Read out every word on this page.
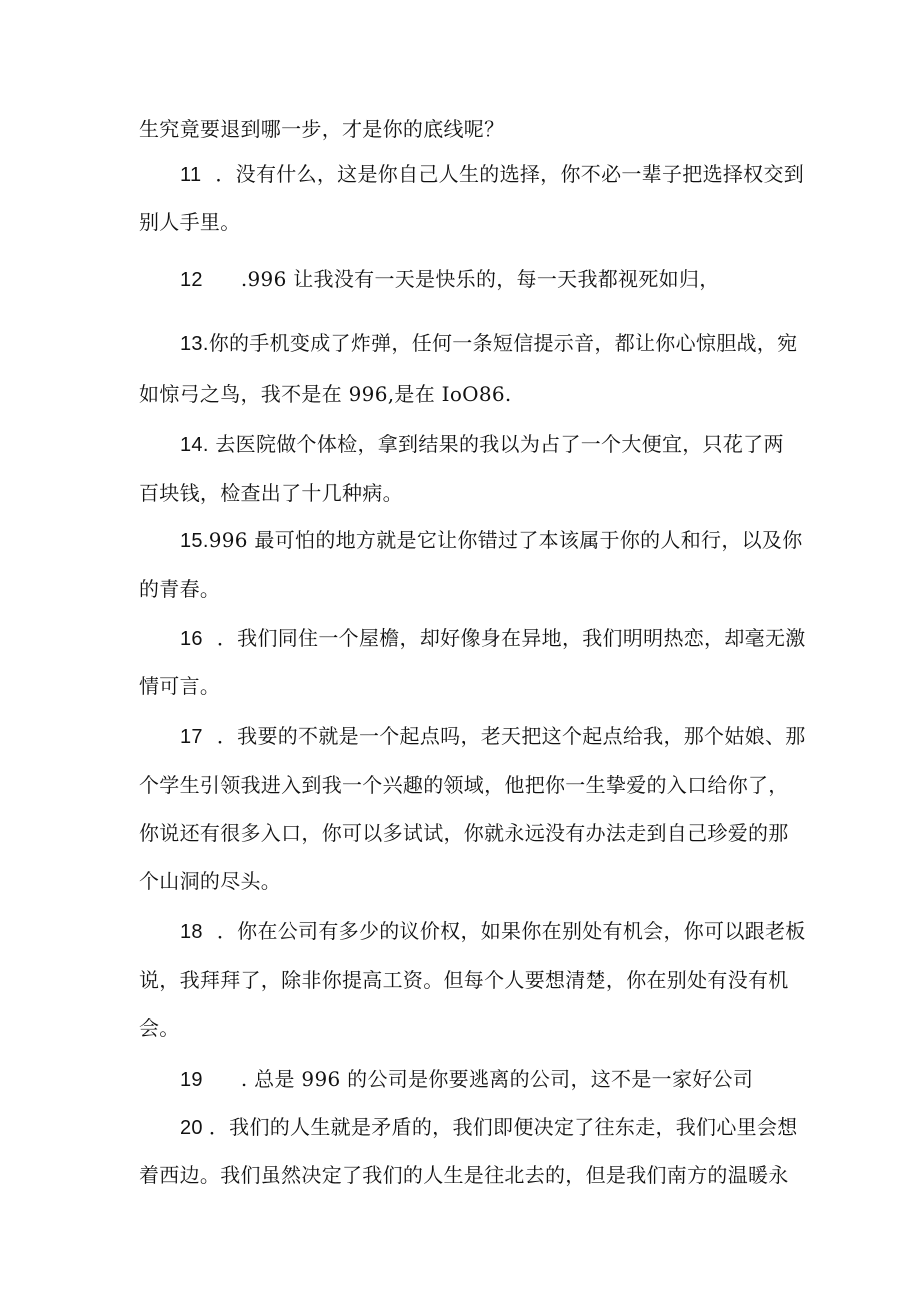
生究竟要退到哪一步，才是你的底线呢？
11 ．没有什么，这是你自己人生的选择，你不必一辈子把选择权交到
别人手里。
12 .996 让我没有一天是快乐的，每一天我都视死如归，
13.你的手机变成了炸弹，任何一条短信提示音，都让你心惊胆战，宛
如惊弓之鸟，我不是在 996,是在 IoO86.
14. 去医院做个体检，拿到结果的我以为占了一个大便宜，只花了两
百块钱，检查出了十几种病。
15.996 最可怕的地方就是它让你错过了本该属于你的人和行，以及你
的青春。
16 ．我们同住一个屋檐，却好像身在异地，我们明明热恋，却毫无激
情可言。
17 ．我要的不就是一个起点吗，老天把这个起点给我，那个姑娘、那
个学生引领我进入到我一个兴趣的领域，他把你一生挚爱的入口给你了，
你说还有很多入口，你可以多试试，你就永远没有办法走到自己珍爱的那
个山洞的尽头。
18 ．你在公司有多少的议价权，如果你在别处有机会，你可以跟老板
说，我拜拜了，除非你提高工资。但每个人要想清楚，你在别处有没有机
会。
19 . 总是 996 的公司是你要逃离的公司，这不是一家好公司
20 ．我们的人生就是矛盾的，我们即便决定了往东走，我们心里会想
着西边。我们虽然决定了我们的人生是往北去的，但是我们南方的温暖永
